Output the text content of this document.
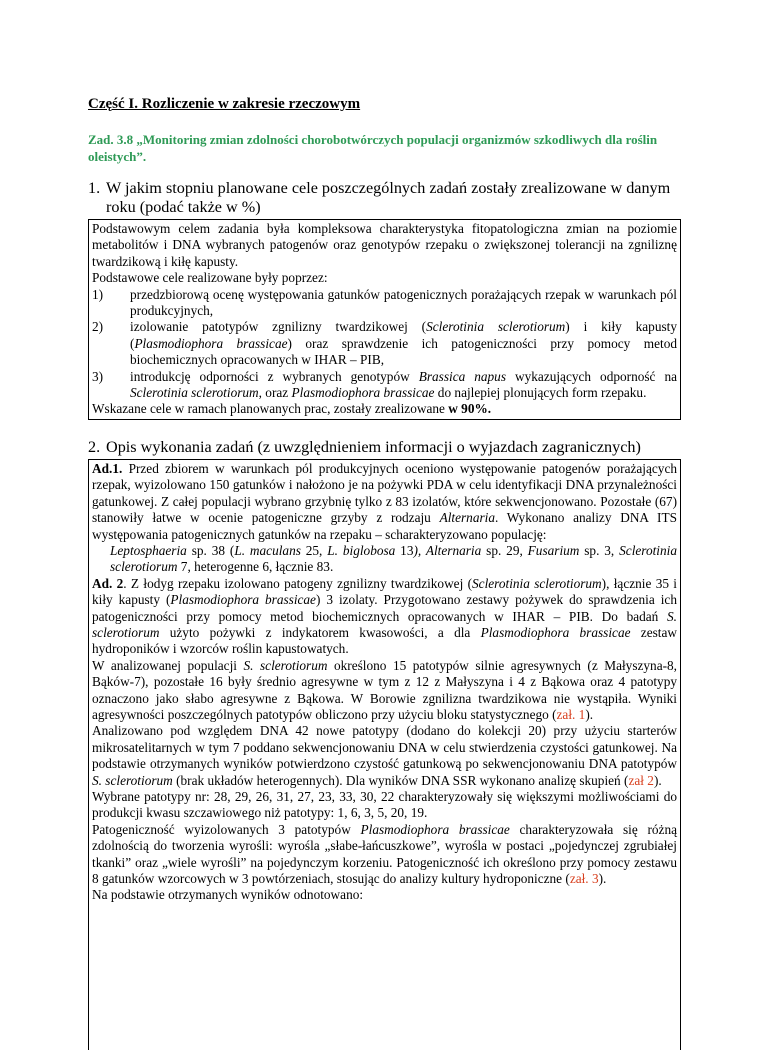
Część I. Rozliczenie w zakresie rzeczowym
Zad. 3.8 „Monitoring zmian zdolności chorobotwórczych populacji organizmów szkodliwych dla roślin oleistych”.
1. W jakim stopniu planowane cele poszczególnych zadań zostały zrealizowane w danym roku (podać także w %)
Podstawowym celem zadania była kompleksowa charakterystyka fitopatologiczna zmian na poziomie metabolitów i DNA wybranych patogenów oraz genotypów rzepaku o zwiększonej tolerancji na zgniliznę twardzikową i kiłę kapusty.
Podstawowe cele realizowane były poprzez:
1)	przedzbiorową ocenę występowania gatunków patogenicznych porażających rzepak w warunkach pól produkcyjnych,
2)	izolowanie patotypów zgnilizny twardzikowej (Sclerotinia sclerotiorum) i kiły kapusty (Plasmodiophora brassicae) oraz sprawdzenie ich patogeniczności przy pomocy metod biochemicznych opracowanych w IHAR – PIB,
3)	introdukcję odporności z wybranych genotypów Brassica napus wykazujących odporność na Sclerotinia sclerotiorum, oraz Plasmodiophora brassicae do najlepiej plonujących form rzepaku.
Wskazane cele w ramach planowanych prac, zostały zrealizowane w 90%.
2. Opis wykonania zadań (z uwzględnieniem informacji o wyjazdach zagranicznych)
Ad.1. Przed zbiorem w warunkach pól produkcyjnych oceniono występowanie patogenów porażających rzepak, wyizolowano 150 gatunków i nałożono je na pożywki PDA w celu identyfikacji DNA przynależności gatunkowej. Z całej populacji wybrano grzybnię tylko z 83 izolatów, które sekwencjonowano. Pozostałe (67) stanowiły łatwe w ocenie patogeniczne grzyby z rodzaju Alternaria. Wykonano analizy DNA ITS występowania patogenicznych gatunków na rzepaku – scharakteryzowano populację:
Leptosphaeria sp. 38 (L. maculans 25, L. biglobosa 13), Alternaria sp. 29, Fusarium sp. 3, Sclerotinia sclerotiorum 7, heterogenne 6, łącznie 83.
Ad. 2. Z łodyg rzepaku izolowano patogeny zgnilizny twardzikowej (Sclerotinia sclerotiorum), łącznie 35 i kiły kapusty (Plasmodiophora brassicae) 3 izolaty. Przygotowano zestawy pożywek do sprawdzenia ich patogeniczności przy pomocy metod biochemicznych opracowanych w IHAR – PIB. Do badań S. sclerotiorum użyto pożywki z indykatorem kwasowości, a dla Plasmodiophora brassicae zestaw hydroponików i wzorców roślin kapustowatych.
W analizowanej populacji S. sclerotiorum określono 15 patotypów silnie agresywnych (z Małyszyna-8, Bąków-7), pozostałe 16 były średnio agresywne w tym z 12 z Małyszyna i 4 z Bąkowa oraz 4 patotypy oznaczono jako słabo agresywne z Bąkowa. W Borowie zgnilizna twardzikowa nie wystąpiła. Wyniki agresywności poszczególnych patotypów obliczono przy użyciu bloku statystycznego (zał. 1).
Analizowano pod względem DNA 42 nowe patotypy (dodano do kolekcji 20) przy użyciu starterów mikrosatelitarnych w tym 7 poddano sekwencjonowaniu DNA w celu stwierdzenia czystości gatunkowej. Na podstawie otrzymanych wyników potwierdzono czystość gatunkową po sekwencjonowaniu DNA patotypów S. sclerotiorum (brak układów heterogennych). Dla wyników DNA SSR wykonano analizę skupień (zał 2).
Wybrane patotypy nr: 28, 29, 26, 31, 27, 23, 33, 30, 22 charakteryzowały się większymi możliwościami do produkcji kwasu szczawiowego niż patotypy: 1, 6, 3, 5, 20, 19.
Patogeniczność wyizolowanych 3 patotypów Plasmodiophora brassicae charakteryzowała się różną zdolnością do tworzenia wyrośli: wyrośla „słabe-łańcuszkowe”, wyrośla w postaci „pojedynczej zgrubiałej tkanki” oraz „wiele wyrośli” na pojedynczym korzeniu. Patogeniczność ich określono przy pomocy zestawu 8 gatunków wzorcowych w 3 powtórzeniach, stosując do analizy kultury hydroponiczne (zał. 3).
Na podstawie otrzymanych wyników odnotowano:
